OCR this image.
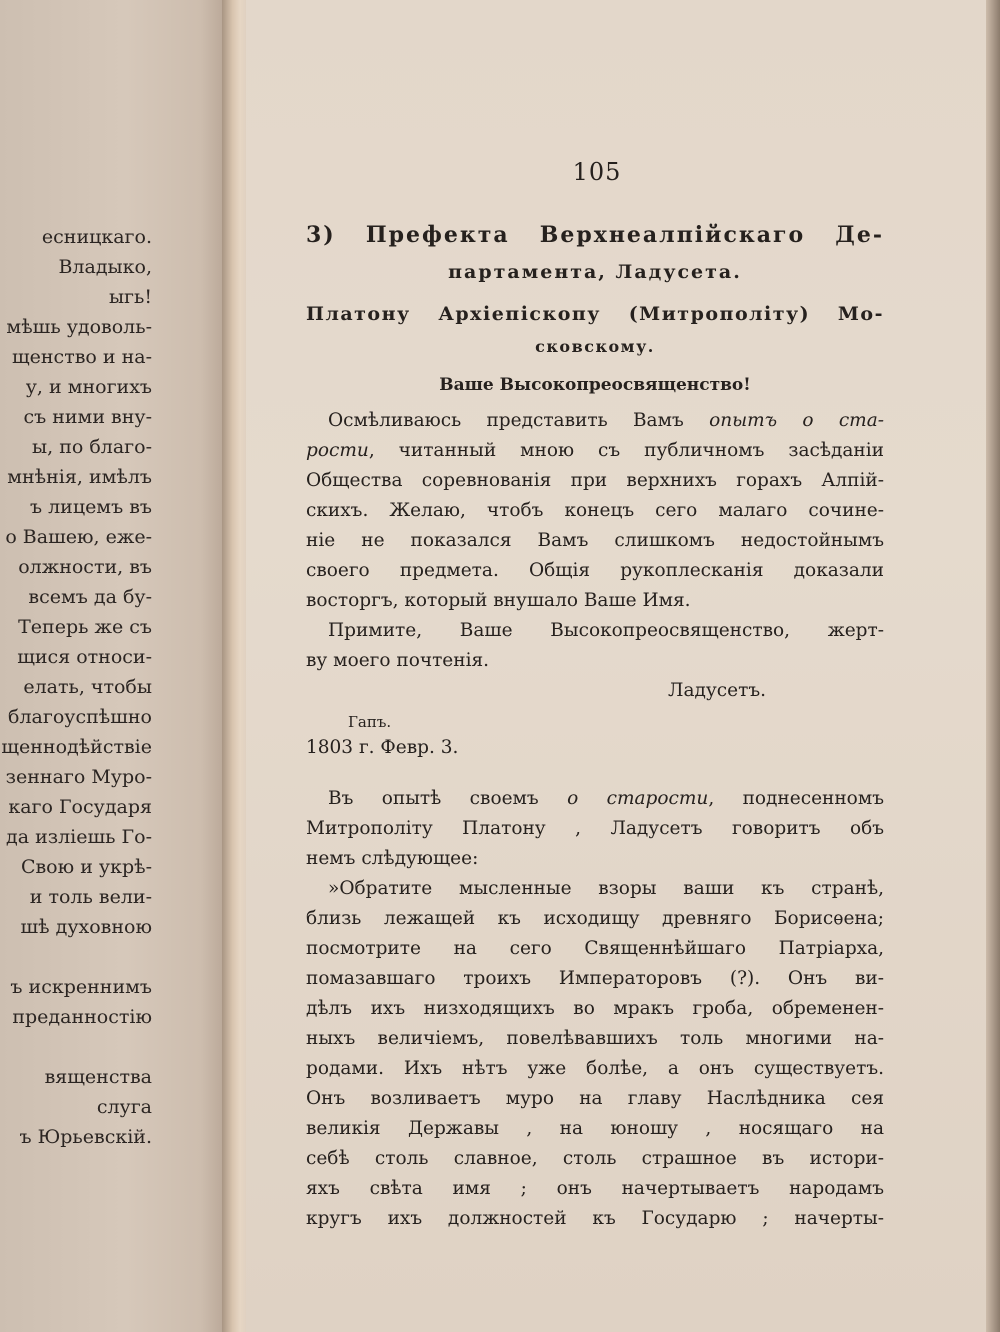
есницкаго.
Владыко,
ыгь!
мѣшь удоволь-
щенство и на-
у, и многихъ
съ ними вну-
ы, по благо-
мнѣнія, имѣлъ
ъ лицемъ въ
о Вашею, еже-
олжности, въ
всемъ да бу-
Теперь же съ
щися относи-
елать, чтобы
благоуспѣшно
щеннодѣйствіе
зеннаго Муро-
каго Государя
да излiешь Го-
Свою и укрѣ-
и толь вели-
шѣ духовною
ъ искреннимъ
преданностію
вященства
слуга
ъ Юрьевскій.
105
3) Префекта Верхнеалпійскаго Де-
партамента, Ладусета.
Платону Архіепіскопу (Митрополіту) Мо-
сковскому.
Ваше Высокопреосвященство!
Осмѣливаюсь представить Вамъ опытъ о ста-
рости, читанный мною съ публичномъ засѣданіи
Общества соревнованія при верхнихъ горахъ Алпій-
скихъ. Желаю, чтобъ конецъ сего малаго сочине-
ніе не показался Вамъ слишкомъ недостойнымъ
своего предмета. Общія рукоплесканія доказали
восторгъ, который внушало Ваше Имя.
Примите, Ваше Высокопреосвященство, жерт-
ву моего почтенія.
Ладусетъ.
Гапъ.
1803 г. Февр. 3.
Въ опытѣ своемъ о старости, поднесенномъ
Митрополіту Платону , Ладусетъ говоритъ объ
немъ слѣдующее:
»Обратите мысленные взоры ваши къ странѣ,
близь лежащей къ исходищу древняго Борисѳена;
посмотрите на сего Священнѣйшаго Патріарха,
помазавшаго троихъ Императоровъ (?). Онъ ви-
дѣлъ ихъ низходящихъ во мракъ гроба, обременен-
ныхъ величіемъ, повелѣвавшихъ толь многими на-
родами. Ихъ нѣтъ уже болѣе, а онъ существуетъ.
Онъ возливаетъ муро на главу Наслѣдника сея
великія Державы , на юношу , носящаго на
себѣ столь славное, столь страшное въ истори-
яхъ свѣта имя ; онъ начертываетъ народамъ
кругъ ихъ должностей къ Государю ; начерты-
